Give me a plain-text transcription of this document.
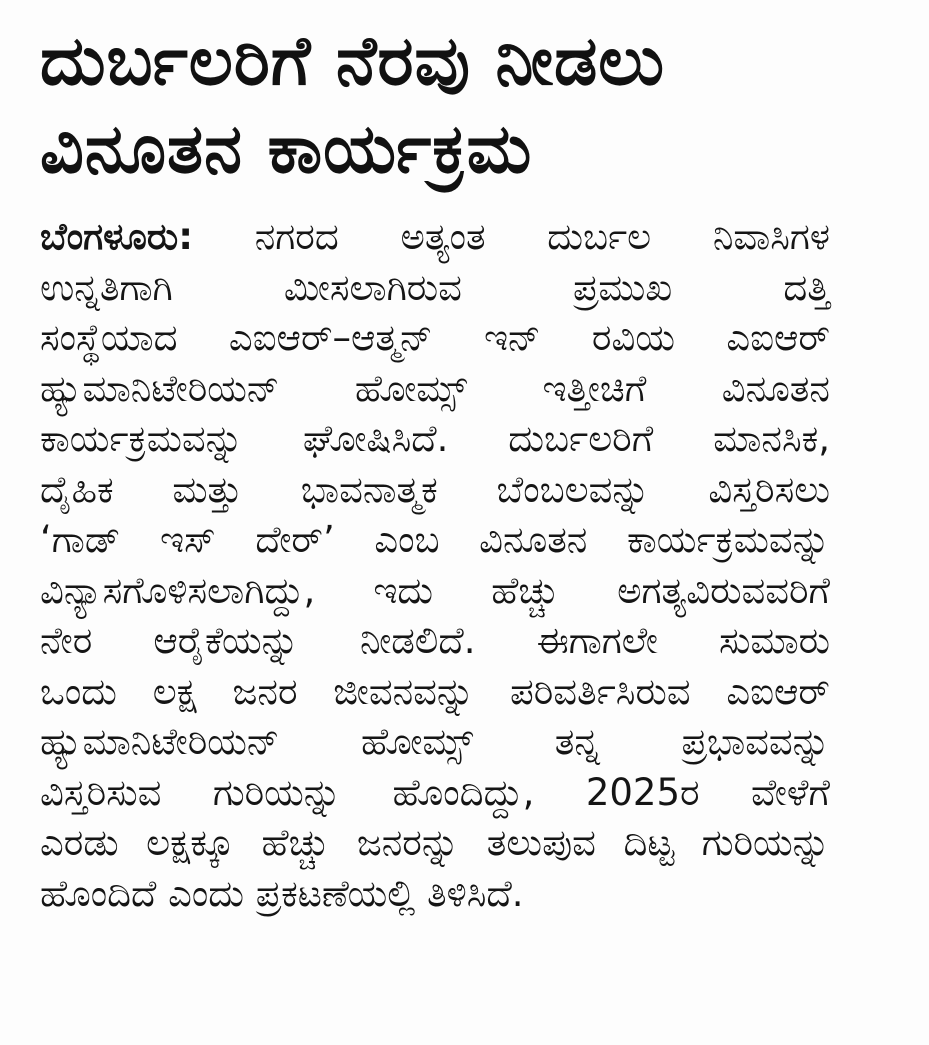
ದುರ್ಬಲರಿಗೆ ನೆರವು ನೀಡಲು
ವಿನೂತನ ಕಾರ್ಯಕ್ರಮ
ಬೆಂಗಳೂರು: ನಗರದ ಅತ್ಯಂತ ದುರ್ಬಲ ನಿವಾಸಿಗಳ
ಉನ್ನತಿಗಾಗಿ ಮೀಸಲಾಗಿರುವ ಪ್ರಮುಖ ದತ್ತಿ
ಸಂಸ್ಥೆಯಾದ ಎಐಆರ್–ಆತ್ಮನ್ ಇನ್ ರವಿಯ ಎಐಆರ್
ಹ್ಯುಮಾನಿಟೇರಿಯನ್ ಹೋಮ್ಸ್ ಇತ್ತೀಚಿಗೆ ವಿನೂತನ
ಕಾರ್ಯಕ್ರಮವನ್ನು ಘೋಷಿಸಿದೆ. ದುರ್ಬಲರಿಗೆ ಮಾನಸಿಕ,
ದೈಹಿಕ ಮತ್ತು ಭಾವನಾತ್ಮಕ ಬೆಂಬಲವನ್ನು ವಿಸ್ತರಿಸಲು
‘ಗಾಡ್ ಇಸ್ ದೇರ್’ ಎಂಬ ವಿನೂತನ ಕಾರ್ಯಕ್ರಮವನ್ನು
ವಿನ್ಯಾಸಗೊಳಿಸಲಾಗಿದ್ದು, ಇದು ಹೆಚ್ಚು ಅಗತ್ಯವಿರುವವರಿಗೆ
ನೇರ ಆರೈಕೆಯನ್ನು ನೀಡಲಿದೆ. ಈಗಾಗಲೇ ಸುಮಾರು
ಒಂದು ಲಕ್ಷ ಜನರ ಜೀವನವನ್ನು ಪರಿವರ್ತಿಸಿರುವ ಎಐಆರ್
ಹ್ಯುಮಾನಿಟೇರಿಯನ್ ಹೋಮ್ಸ್ ತನ್ನ ಪ್ರಭಾವವನ್ನು
ವಿಸ್ತರಿಸುವ ಗುರಿಯನ್ನು ಹೊಂದಿದ್ದು, 2025ರ ವೇಳೆಗೆ
ಎರಡು ಲಕ್ಷಕ್ಕೂ ಹೆಚ್ಚು ಜನರನ್ನು ತಲುಪುವ ದಿಟ್ಟ ಗುರಿಯನ್ನು
ಹೊಂದಿದೆ ಎಂದು ಪ್ರಕಟಣೆಯಲ್ಲಿ ತಿಳಿಸಿದೆ.
